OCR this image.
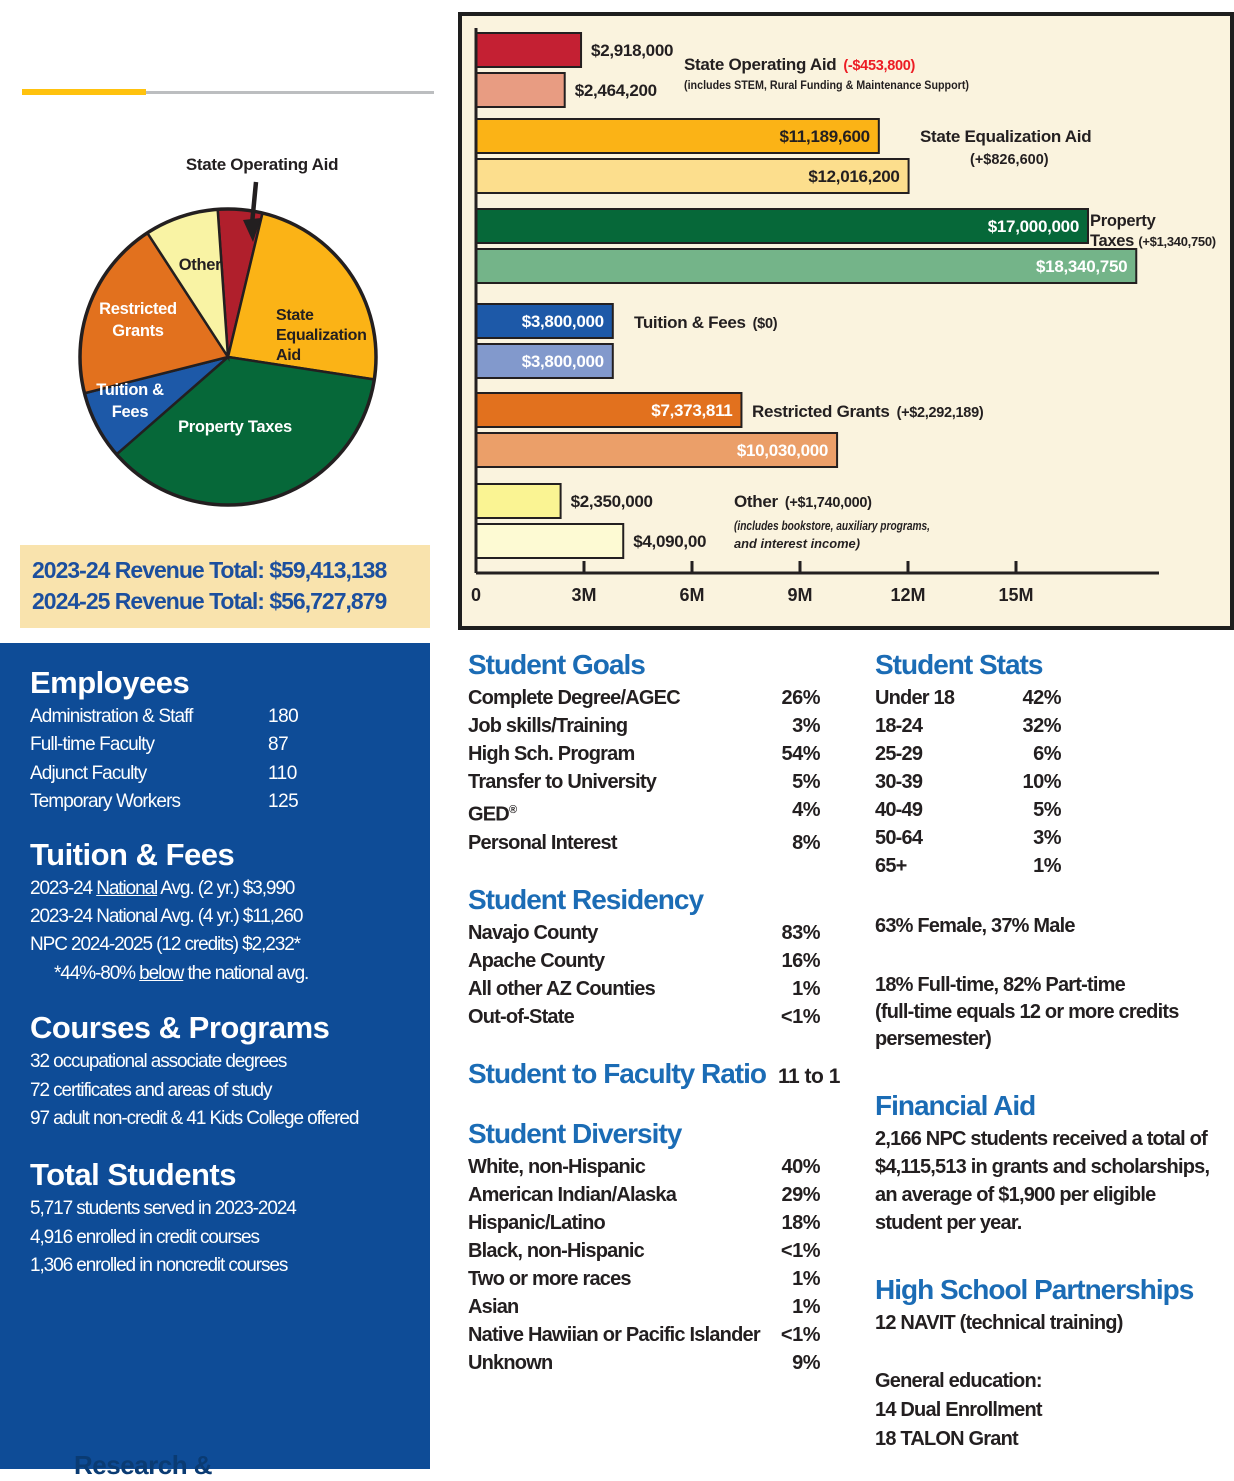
State
Equalization
Aid
Property Taxes
Tuition &
Fees
Restricted
Grants
Other
State Operating Aid
2023-24 Revenue Total: $59,413,138
2024-25 Revenue Total: $56,727,879
Employees
Administration & Staff	180
Full-time Faculty	87
Adjunct Faculty	110
Temporary Workers	125
Tuition & Fees
2023-24 National Avg. (2 yr.) $3,990
2023-24 National Avg. (4 yr.) $11,260
NPC 2024-2025 (12 credits) $2,232*
*44%-80% below the national avg.
Courses & Programs
32 occupational associate degrees
72 certificates and areas of study
97 adult non-credit & 41 Kids College offered
Total Students
5,717 students served in 2023-2024
4,916 enrolled in credit courses
1,306 enrolled in noncredit courses
Research &
$2,918,000
$2,464,200
State Operating Aid (-$453,800)
(includes STEM, Rural Funding & Maintenance Support)
$11,189,600
$12,016,200
State Equalization Aid
(+$826,600)
$17,000,000
$18,340,750
Property
Taxes (+$1,340,750)
$3,800,000
$3,800,000
Tuition & Fees ($0)
$7,373,811
$10,030,000
Restricted Grants (+$2,292,189)
$2,350,000
$4,090,00
Other (+$1,740,000)
(includes bookstore, auxiliary programs,
and interest income)
0	3M	6M	9M	12M	15M
Student Goals
Complete Degree/AGEC	26%
Job skills/Training	3%
High Sch. Program	54%
Transfer to University	5%
GED®	4%
Personal Interest	8%
Student Residency
Navajo County	83%
Apache County	16%
All other AZ Counties	1%
Out-of-State	<1%
Student to Faculty Ratio 11 to 1
Student Diversity
White, non-Hispanic	40%
American Indian/Alaska	29%
Hispanic/Latino	18%
Black, non-Hispanic	<1%
Two or more races	1%
Asian	1%
Native Hawiian or Pacific Islander <1%
Unknown	9%
Student Stats
Under 18	42%
18-24	32%
25-29	6%
30-39	10%
40-49	5%
50-64	3%
65+	1%
63% Female, 37% Male
18% Full-time, 82% Part-time
(full-time equals 12 or more credits
persemester)
Financial Aid
2,166 NPC students received a total of
$4,115,513 in grants and scholarships,
an average of $1,900 per eligible
student per year.
High School Partnerships
12 NAVIT (technical training)
General education:
14 Dual Enrollment
18 TALON Grant
